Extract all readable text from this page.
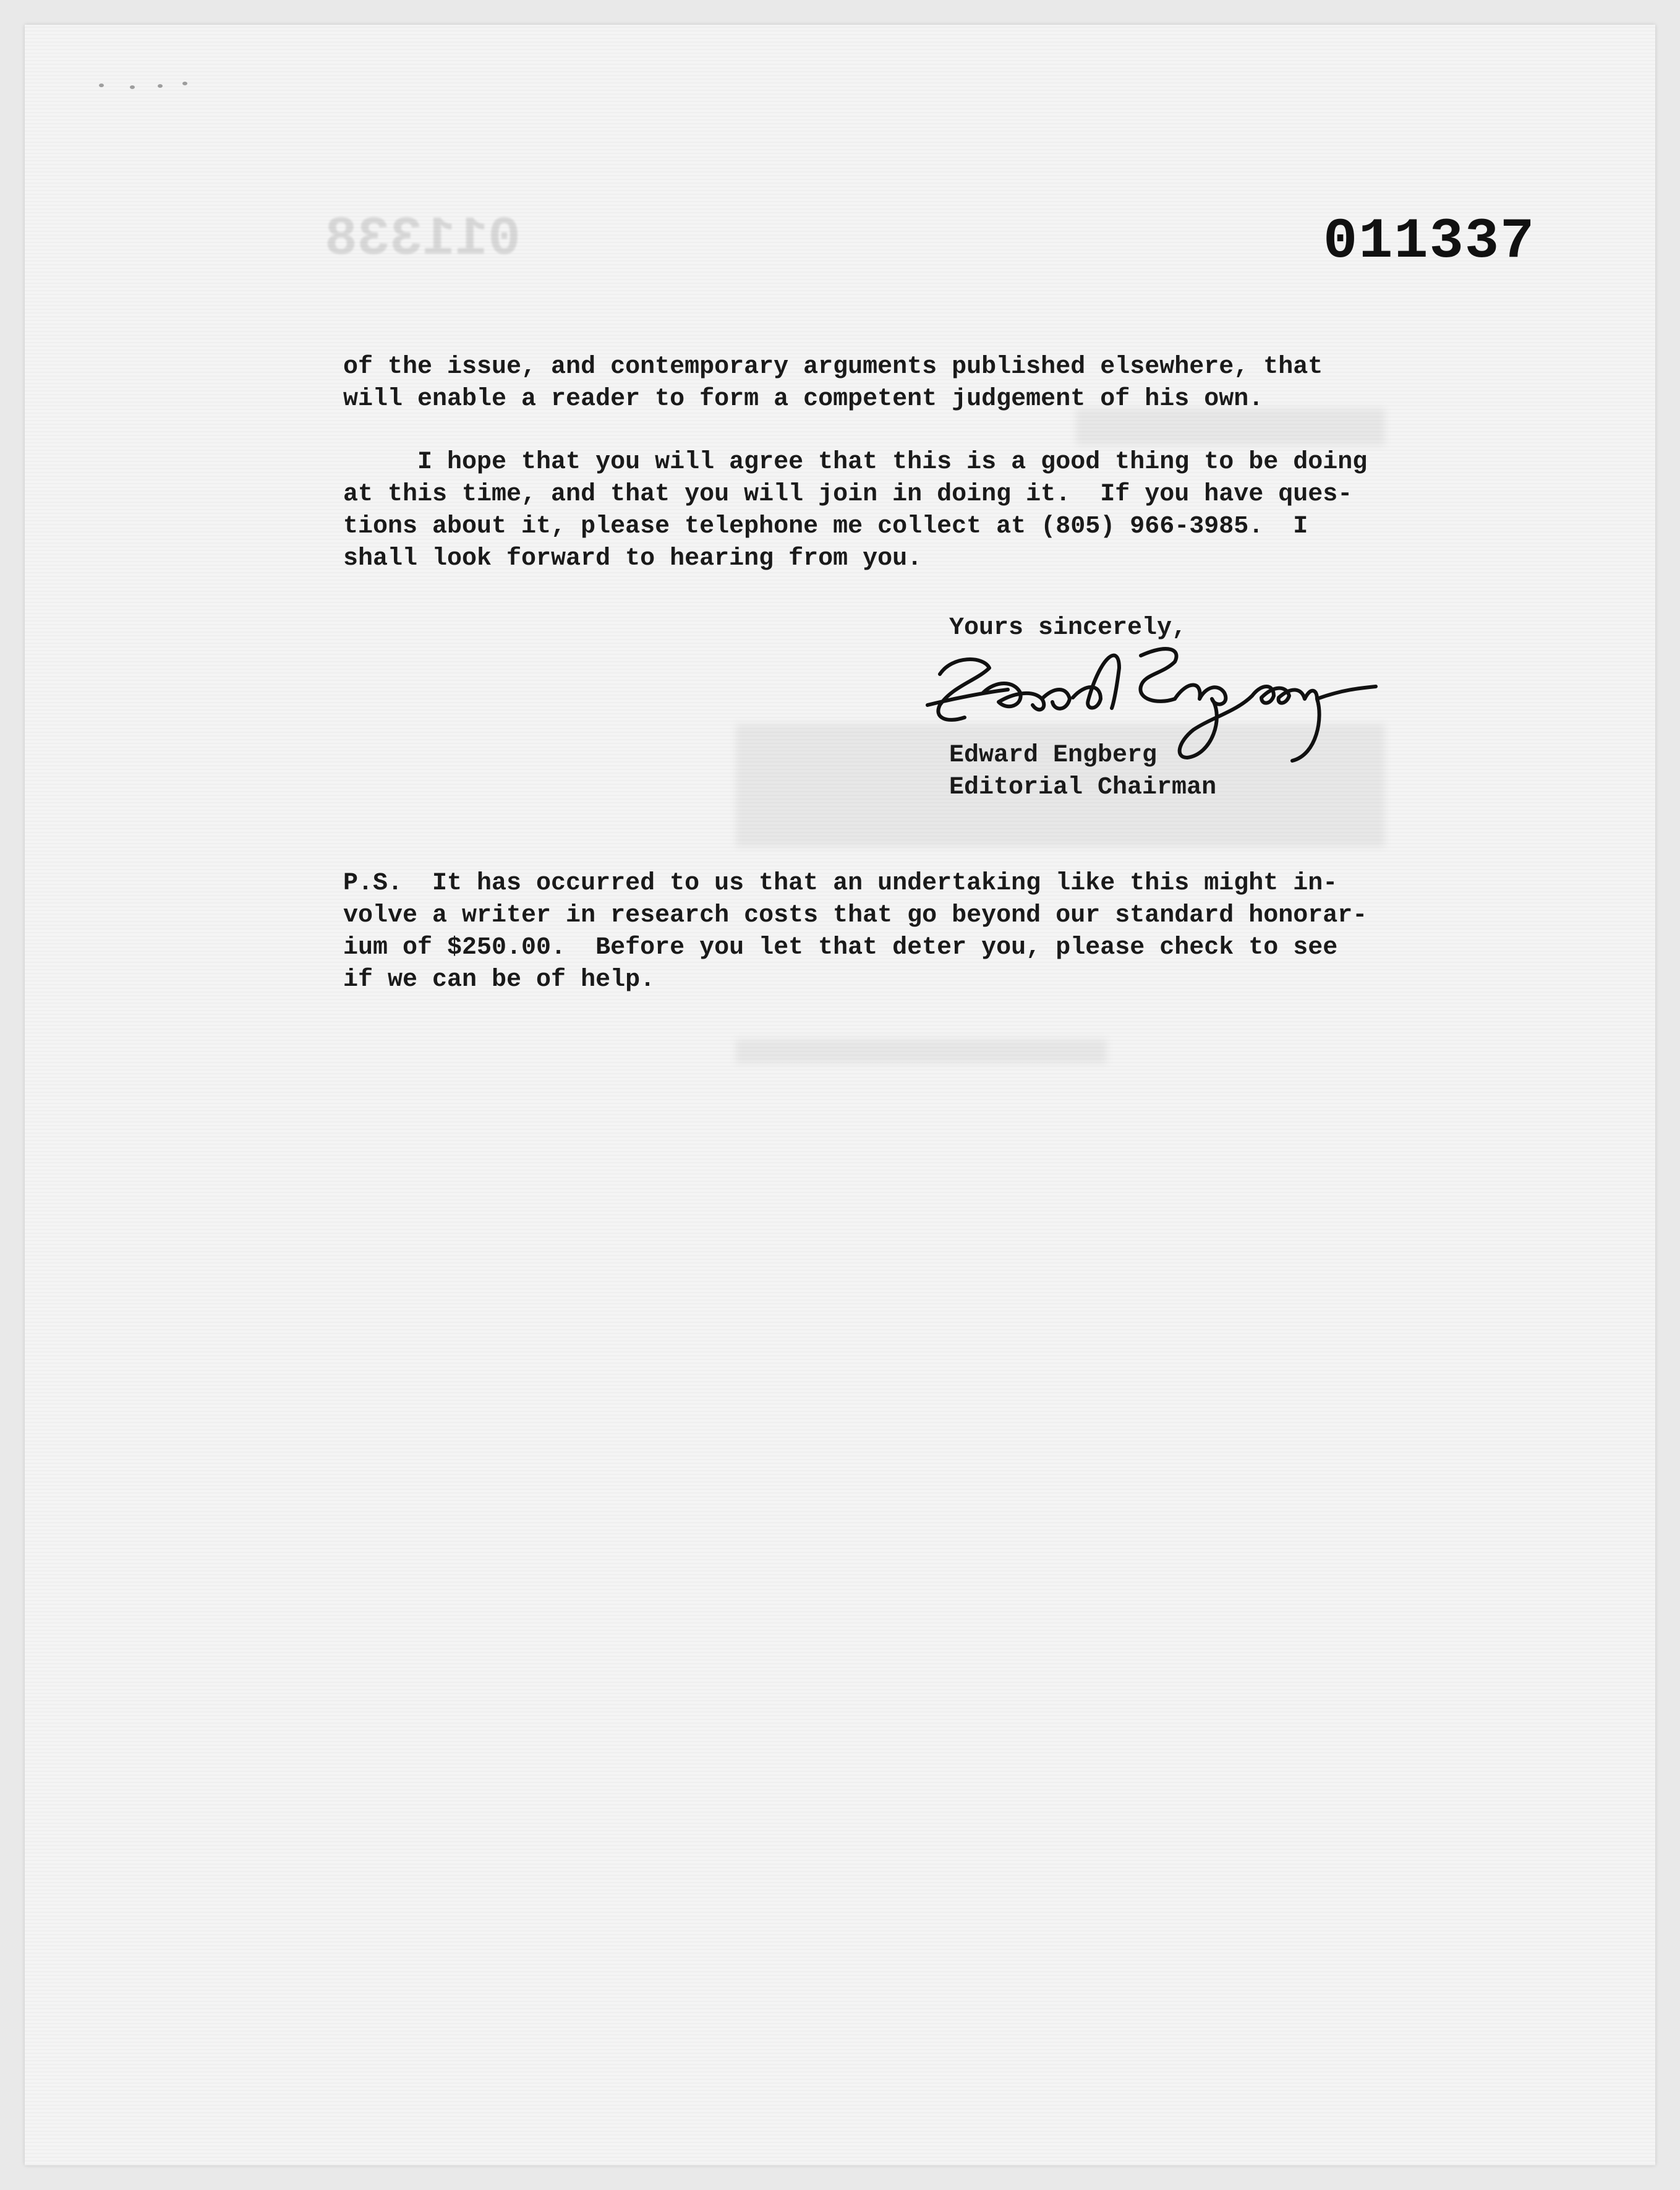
011338	011337
of the issue, and contemporary arguments published elsewhere, that
will enable a reader to form a competent judgement of his own.
I hope that you will agree that this is a good thing to be doing
at this time, and that you will join in doing it.  If you have ques-
tions about it, please telephone me collect at (805) 966-3985.  I
shall look forward to hearing from you.
Yours sincerely,
Edward Engberg
Editorial Chairman
P.S.  It has occurred to us that an undertaking like this might in-
volve a writer in research costs that go beyond our standard honorar-
ium of $250.00.  Before you let that deter you, please check to see
if we can be of help.
